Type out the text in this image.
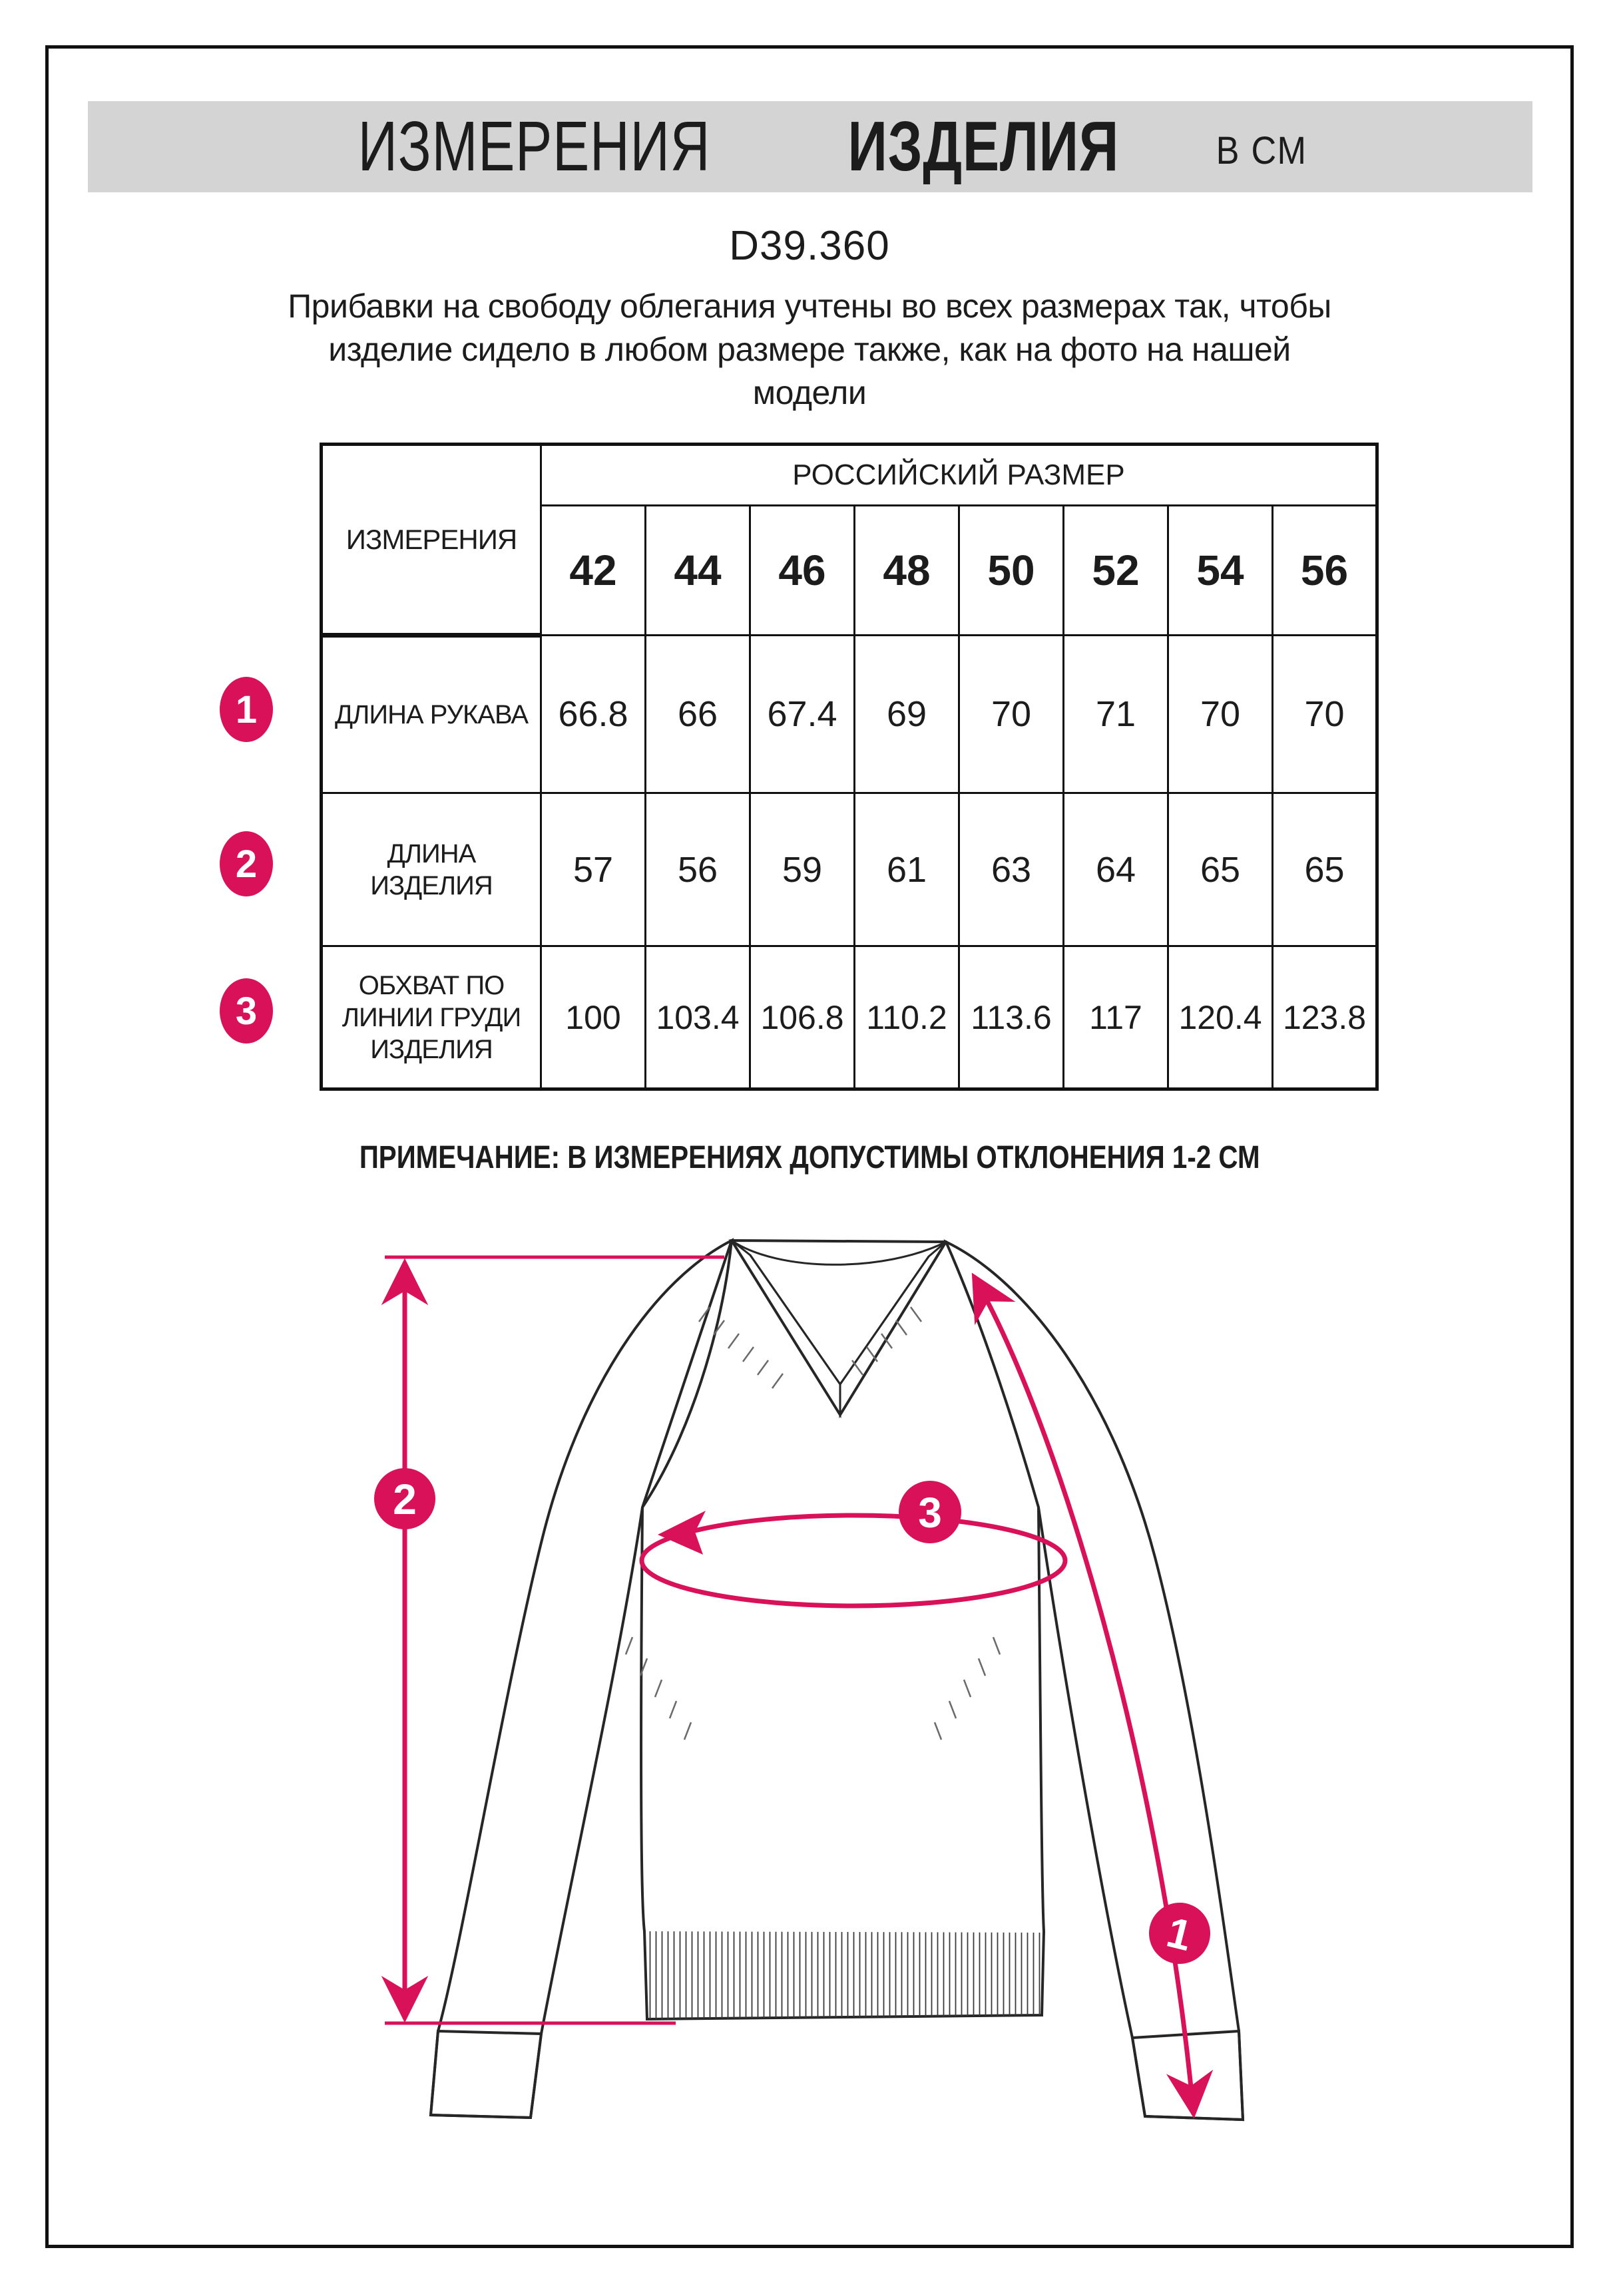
ИЗМЕРЕНИЯ ИЗДЕЛИЯ	В СМ
D39.360
Прибавки на свободу облегания учтены во всех размерах так, чтобы
изделие сидело в любом размере также, как на фото на нашей
модели
ИЗМЕРЕНИЯ	РОССИЙСКИЙ РАЗМЕР							
	42	44	46	48	50	52	54	56

ДЛИНА РУКАВА	66.8	66	67.4	69	70	71	70	70

ДЛИНА
ИЗДЕЛИЯ	57	56	59	61	63	64	65	65

ОБХВАТ ПО
ЛИНИИ ГРУДИ
ИЗДЕЛИЯ	100	103.4	106.8	110.2	113.6	117	120.4	123.8
1
2
3
ПРИМЕЧАНИЕ: В ИЗМЕРЕНИЯХ ДОПУСТИМЫ ОТКЛОНЕНИЯ 1-2 СМ
2	3
1
